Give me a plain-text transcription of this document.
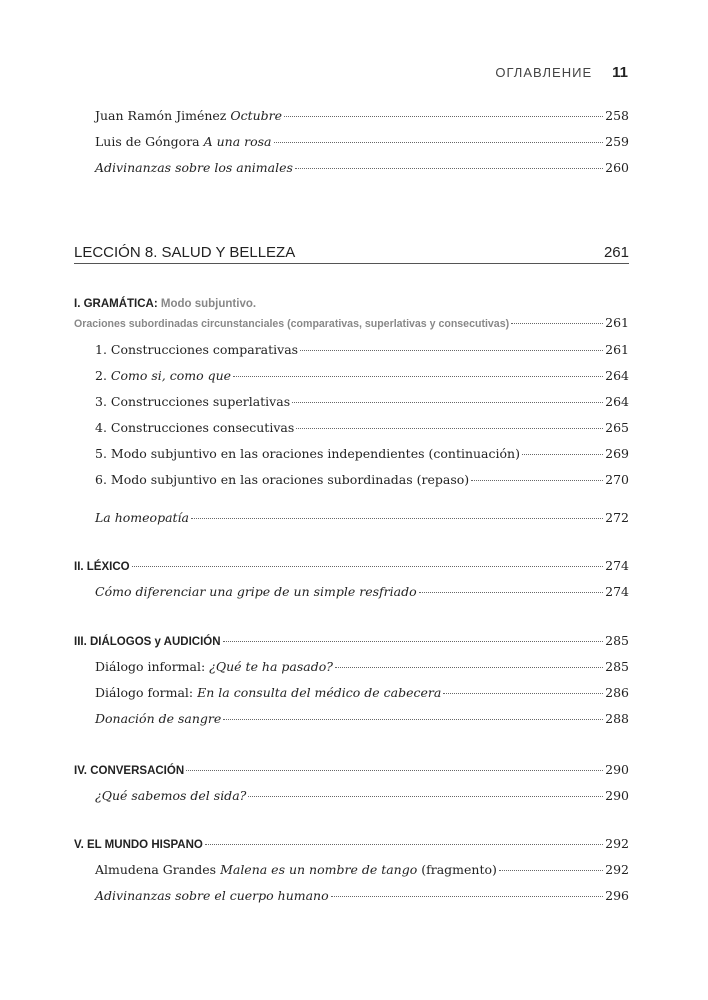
ОГЛАВЛЕНИЕ 11
Juan Ramón Jiménez Octubre	258
Luis de Góngora A una rosa	259
Adivinanzas sobre los animales	260
LECCIÓN 8. SALUD Y BELLEZA	261
I. GRAMÁTICA: Modo subjuntivo.
Oraciones subordinadas circunstanciales (comparativas, superlativas y consecutivas)	261
1. Construcciones comparativas	261
2. Como si, como que	264
3. Construcciones superlativas	264
4. Construcciones consecutivas	265
5. Modo subjuntivo en las oraciones independientes (continuación)	269
6. Modo subjuntivo en las oraciones subordinadas (repaso)	270
La homeopatía	272
II. LÉXICO	274
Cómo diferenciar una gripe de un simple resfriado	274
III. DIÁLOGOS y AUDICIÓN	285
Diálogo informal: ¿Qué te ha pasado?	285
Diálogo formal: En la consulta del médico de cabecera	286
Donación de sangre	288
IV. CONVERSACIÓN	290
¿Qué sabemos del sida?	290
V. EL MUNDO HISPANO	292
Almudena Grandes Malena es un nombre de tango (fragmento)	292
Adivinanzas sobre el cuerpo humano	296
